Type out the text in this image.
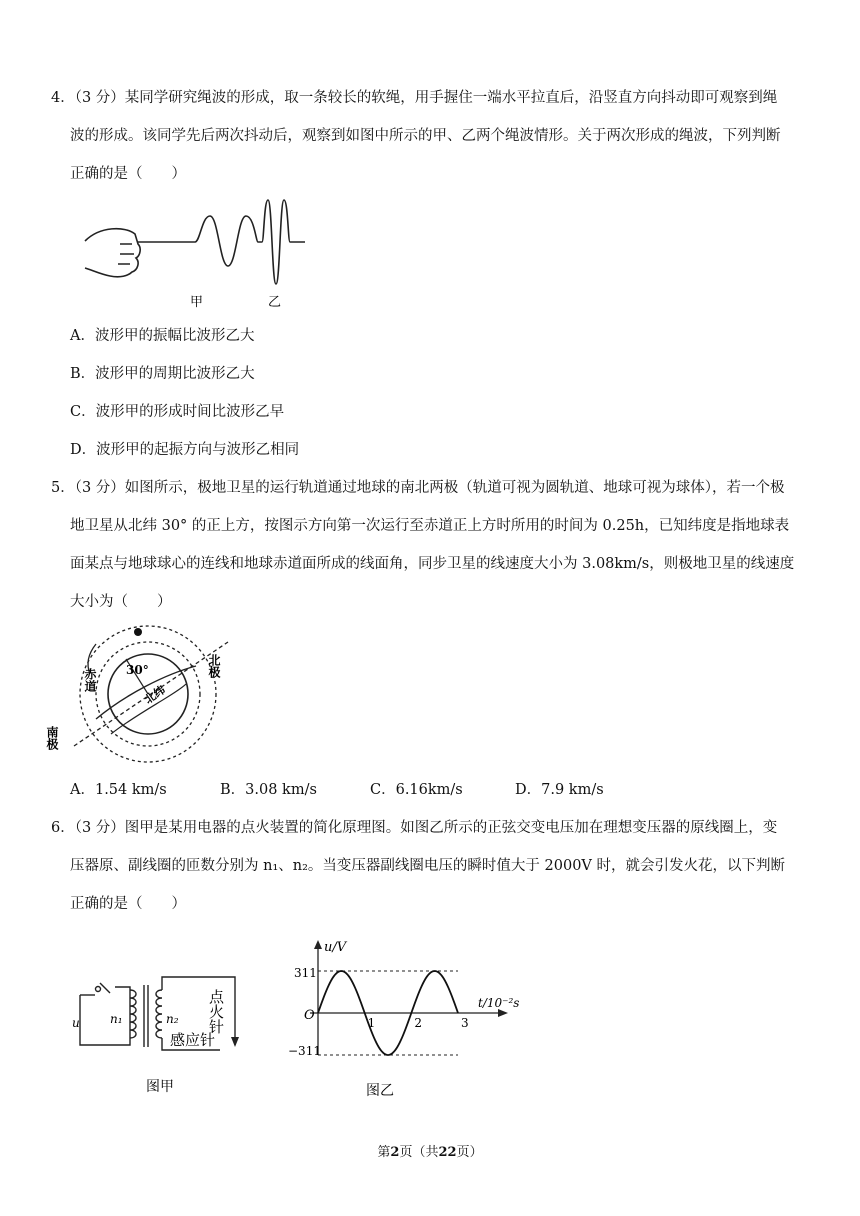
4．（3 分）某同学研究绳波的形成，取一条较长的软绳，用手握住一端水平拉直后，沿竖直方向抖动即可观察到绳
波的形成。该同学先后两次抖动后，观察到如图中所示的甲、乙两个绳波情形。关于两次形成的绳波，下列判断
正确的是（　　）
甲	乙
A．波形甲的振幅比波形乙大
B．波形甲的周期比波形乙大
C．波形甲的形成时间比波形乙早
D．波形甲的起振方向与波形乙相同
5．（3 分）如图所示，极地卫星的运行轨道通过地球的南北两极（轨道可视为圆轨道、地球可视为球体），若一个极
地卫星从北纬 30° 的正上方，按图示方向第一次运行至赤道正上方时所用的时间为 0.25h，已知纬度是指地球表
面某点与地球球心的连线和地球赤道面所成的线面角，同步卫星的线速度大小为 3.08km/s，则极地卫星的线速度
大小为（　　）
北极
南极
赤道 30°
北纬
A．1.54 km/s	B．3.08 km/s	C．6.16km/s	D．7.9 km/s
6．（3 分）图甲是某用电器的点火装置的简化原理图。如图乙所示的正弦交变电压加在理想变压器的原线圈上，变
压器原、副线圈的匝数分别为 n₁、n₂。当变压器副线圈电压的瞬时值大于 2000V 时，就会引发火花，以下判断
正确的是（　　）
u	n₁	n₂ 点火针
感应针
图甲
1	2	3
u/V
t/10⁻²s
O
311
−311
图乙
第2页（共22页）
